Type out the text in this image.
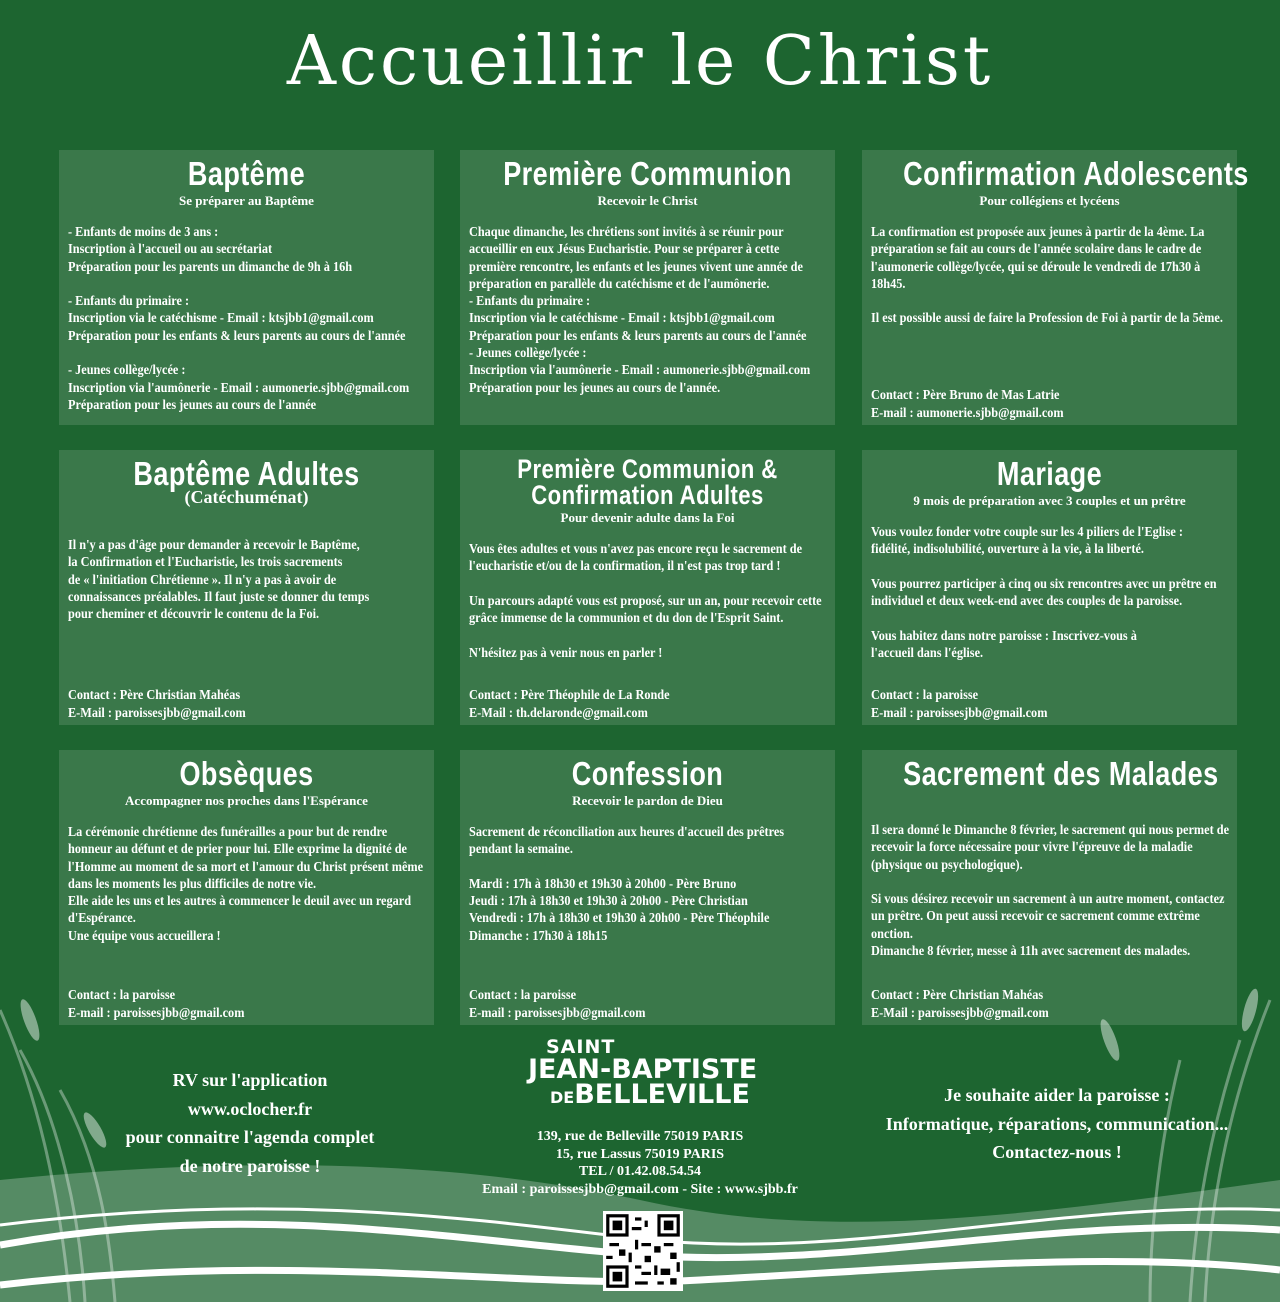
Accueillir le Christ
Baptême
Se préparer au Baptême
- Enfants de moins de 3 ans :
Inscription à l'accueil ou au secrétariat
Préparation pour les parents un dimanche de 9h à 16h

- Enfants du primaire :
Inscription via le catéchisme - Email : ktsjbb1@gmail.com
Préparation pour les enfants & leurs parents au cours de l'année

- Jeunes collège/lycée :
Inscription via l'aumônerie - Email : aumonerie.sjbb@gmail.com
Préparation pour les jeunes au cours de l'année
Première Communion
Recevoir le Christ
Chaque dimanche, les chrétiens sont invités à se réunir pour accueillir en eux Jésus Eucharistie. Pour se préparer à cette première rencontre, les enfants et les jeunes vivent une année de préparation en parallèle du catéchisme et de l'aumônerie.
- Enfants du primaire :
Inscription via le catéchisme - Email : ktsjbb1@gmail.com
Préparation pour les enfants & leurs parents au cours de l'année
- Jeunes collège/lycée :
Inscription via l'aumônerie - Email : aumonerie.sjbb@gmail.com
Préparation pour les jeunes au cours de l'année.
Confirmation Adolescents
Pour collégiens et lycéens
La confirmation est proposée aux jeunes à partir de la 4ème. La préparation se fait au cours de l'année scolaire dans le cadre de l'aumonerie collège/lycée, qui se déroule le vendredi de 17h30 à 18h45.

Il est possible aussi de faire la Profession de Foi à partir de la 5ème.
Contact : Père Bruno de Mas Latrie
E-mail : aumonerie.sjbb@gmail.com
Baptême Adultes
(Catéchuménat)
Il n'y a pas d'âge pour demander à recevoir le Baptême,
la Confirmation et l'Eucharistie, les trois sacrements
de « l'initiation Chrétienne ». Il n'y a pas à avoir de
connaissances préalables. Il faut juste se donner du temps
pour cheminer et découvrir le contenu de la Foi.
Contact : Père Christian Mahéas
E-Mail : paroissesjbb@gmail.com
Première Communion &
Confirmation Adultes
Pour devenir adulte dans la Foi
Vous êtes adultes et vous n'avez pas encore reçu le sacrement de l'eucharistie et/ou de la confirmation, il n'est pas trop tard !

Un parcours adapté vous est proposé, sur un an, pour recevoir cette grâce immense de la communion et du don de l'Esprit Saint.

N'hésitez pas à venir nous en parler !
Contact : Père Théophile de La Ronde
E-Mail : th.delaronde@gmail.com
Mariage
9 mois de préparation avec 3 couples et un prêtre
Vous voulez fonder votre couple sur les 4 piliers de l'Eglise :
fidélité, indisolubilité, ouverture à la vie, à la liberté.

Vous pourrez participer à cinq ou six rencontres avec un prêtre en individuel et deux week-end avec des couples de la paroisse.

Vous habitez dans notre paroisse : Inscrivez-vous à
l'accueil dans l'église.
Contact : la paroisse
E-mail : paroissesjbb@gmail.com
Obsèques
Accompagner nos proches dans l'Espérance
La cérémonie chrétienne des funérailles a pour but de rendre honneur au défunt et de prier pour lui. Elle exprime la dignité de l'Homme au moment de sa mort et l'amour du Christ présent même dans les moments les plus difficiles de notre vie.
Elle aide les uns et les autres à commencer le deuil avec un regard d'Espérance.
Une équipe vous accueillera !
Contact : la paroisse
E-mail : paroissesjbb@gmail.com
Confession
Recevoir le pardon de Dieu
Sacrement de réconciliation aux heures d'accueil des prêtres
pendant la semaine.

Mardi : 17h à 18h30 et 19h30 à 20h00 - Père Bruno
Jeudi : 17h à 18h30 et 19h30 à 20h00 - Père Christian
Vendredi : 17h à 18h30 et 19h30 à 20h00 - Père Théophile
Dimanche : 17h30 à 18h15
Contact : la paroisse
E-mail : paroissesjbb@gmail.com
Sacrement des Malades
Il sera donné le Dimanche 8 février, le sacrement qui nous permet de recevoir la force nécessaire pour vivre l'épreuve de la maladie (physique ou psychologique).

Si vous désirez recevoir un sacrement à un autre moment, contactez un prêtre. On peut aussi recevoir ce sacrement comme extrême onction.
Dimanche 8 février, messe à 11h avec sacrement des malades.
Contact : Père Christian Mahéas
E-Mail : paroissesjbb@gmail.com
RV sur l'application
www.oclocher.fr
pour connaitre l'agenda complet
de notre paroisse !
SAINT
JEAN-BAPTISTE
DEBELLEVILLE
139, rue de Belleville 75019 PARIS
15, rue Lassus 75019 PARIS
TEL / 01.42.08.54.54
Email : paroissesjbb@gmail.com - Site : www.sjbb.fr
Je souhaite aider la paroisse :
Informatique, réparations, communication...
Contactez-nous !
